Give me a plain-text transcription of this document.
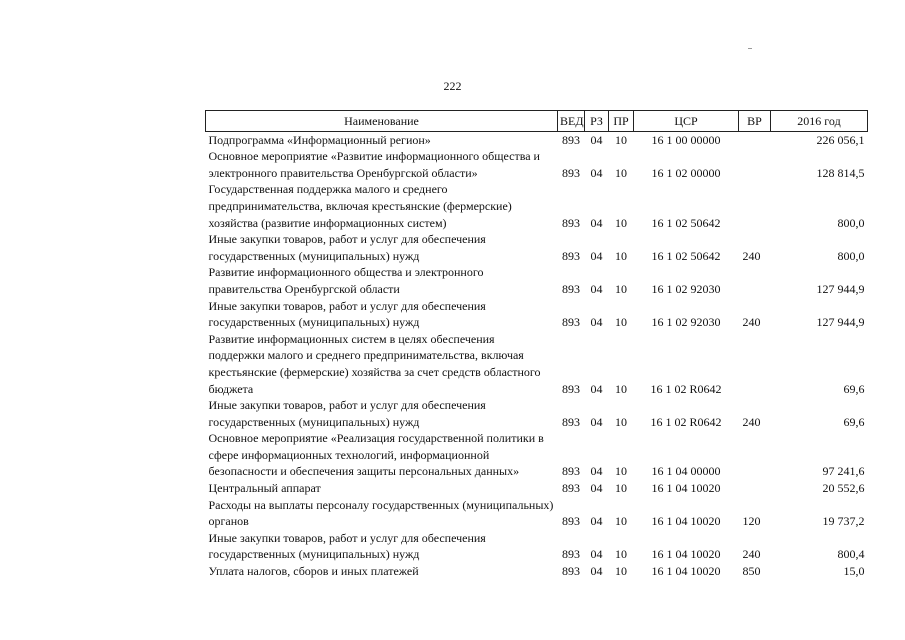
222
Наименование	ВЕД	РЗ	ПР	ЦСР	ВР	2016 год
Подпрограмма «Информационный регион»	893	04	10	16 1 00 00000		226 056,1
Основное мероприятие «Развитие информационного общества и электронного правительства Оренбургской области»	893	04	10	16 1 02 00000		128 814,5
Государственная поддержка малого и среднего предпринимательства, включая крестьянские (фермерские) хозяйства (развитие информационных систем)	893	04	10	16 1 02 50642		800,0
Иные закупки товаров, работ и услуг для обеспечения государственных (муниципальных) нужд	893	04	10	16 1 02 50642	240	800,0
Развитие информационного общества и электронного правительства Оренбургской области	893	04	10	16 1 02 92030		127 944,9
Иные закупки товаров, работ и услуг для обеспечения государственных (муниципальных) нужд	893	04	10	16 1 02 92030	240	127 944,9
Развитие информационных систем в целях обеспечения поддержки малого и среднего предпринимательства, включая крестьянские (фермерские) хозяйства за счет средств областного бюджета	893	04	10	16 1 02 R0642		69,6
Иные закупки товаров, работ и услуг для обеспечения государственных (муниципальных) нужд	893	04	10	16 1 02 R0642	240	69,6
Основное мероприятие «Реализация государственной политики в сфере информационных технологий, информационной безопасности и обеспечения защиты персональных данных»	893	04	10	16 1 04 00000		97 241,6
Центральный аппарат	893	04	10	16 1 04 10020		20 552,6
Расходы на выплаты персоналу государственных (муниципальных) органов	893	04	10	16 1 04 10020	120	19 737,2
Иные закупки товаров, работ и услуг для обеспечения государственных (муниципальных) нужд	893	04	10	16 1 04 10020	240	800,4
Уплата налогов, сборов и иных платежей	893	04	10	16 1 04 10020	850	15,0
